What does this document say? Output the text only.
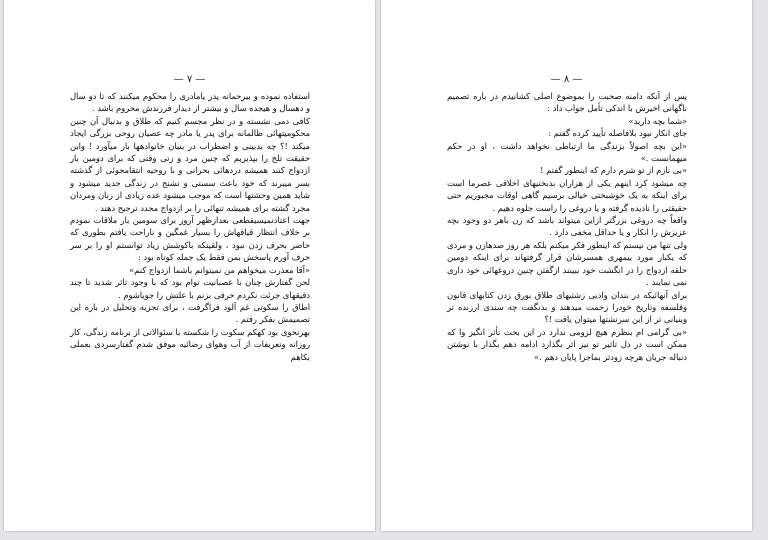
— ٧ —

استفاده نموده و بیرحمانه پدر یامادری را محکوم میکنند که تا دو سال و دهسال و هیجده سال و بیشتر از دیدار فرزندش محروم باشد .

کافی دمی نشسته و در نظر مجسم کنیم که طلاق و بدنبال آن چنین محکومیتهائی ظالمانه برای پدر یا مادر چه عصیان روحی بزرگی ایجاد میکند !؟ چه بدبینی و اضطراب در بنیان خانوادهها بار میآورد ! وابن حقیقت تلخ را بپذیریم که چنین مرد و زنی وقتی که برای دومین بار ازدواج کنند همیشه دردهائی بحرانی و با روحیه انتقامجوئی از گذشته بسر میبرند که خود باعث سستی و تشنج در زندگی جدید میشود و شاید همین وحشتها است که موجب میشود عده زیادی از زنان ومردان مجرد گشته برای همیشه تنهائی را بر ازدواج مجدد ترجیح دهند .

جهت اعتادنمیسیقطعی بعدازظهر آروز برای سومین بار ملاقات نمودم بر خلاف انتظار قیافهاش را بسیار غمگین و ناراحت یافتم بطوری که حاضر بحرف زدن نبود ، ولقینکه باکوشش زیاد توانستم او را بر سر حرف آورم پاسخش بمن فقط یک جمله کوتاه بود :

«آقا معذرت میخواهم من نمیتوانم باشما ازدواج کنم»

لحن گفتارش چنان با عصبانیت توام بود که با وجود تاثر شدید تا چند دقیقهای جرئت نکردم حرفی بزنم با علتش را جویاشوم .

اطاق را سکوتی غم آلود فراگرفت ، برای تجزیه وتحلیل در باره این تصمیمش بفکر رفتم .

بهرنحوی بود کهکم سکوت را شکسته با سئوالاتی از برنامه زندگی، کار روزانه وتعریفات از آب وهوای رضائیه موفق شدم گفتارسردی بعملی بکاهم

— ٨ —

پس از آنکه دامنه صحبت را بموضوع اصلی کشانیدم در باره تصمیم ناگهانی اخیرش با اندکی تأمل جواب داد :

«شما بچه دارید»

جای انکار نبود بلافاصله تأیید کرده گفتم :

«این بچه اصولاً بزندگی ما ارتباطی نخواهد داشت ، او در حکم میهمانست .»

«بی نازم از تو شرم دارم که اینطور گفتم !

چه میشود کرد اینهم یکی از هزاران بدبختیهای اخلاقی عصرما است برای اینکه به یک خوشبختی خیالی برسیم گاهی اوقات مجبوریم حتی حقیقتی را نادیده گرفته و یا دروغی را راست جلوه دهیم .

واقعاً چه دروغی بزرگتر ازاین میتواند باشد که زن باهر دو وجود بچه عزیزش را انکار و یا حداقل مخفی دارد .

ولی تنها من نیستم که اینطور فکر میکنم بلکه هر روز صدهازن و مردی که یکبار مورد بیمهری همسرشان قرار گرفتهاند برای اینکه دومین حلقه ازدواج را در انگشت خود ببینند ازگفتن چنین دروغهائی خود داری نمی نمایند .

برای آنهائیکه در بندان وادیی زشتیهای طلاق بورق زدن کتابهای قانون وفلسفه وتاریخ خودرا زحمت میدهند و بدنگفت چه سندی ارزنده تر وبنیانی تر از این سرنشتها میتوان یافت !؟

«بی گرامی ام بنظرم هیچ لزومی ندارد در این بحث تأثر انگیز وا که ممکن است در دل تاثیر تو نیز اثر بگذارد ادامه دهم بگذار با نوشتن دنباله جریان هرچه زودتر بماجرا پایان دهم .»
